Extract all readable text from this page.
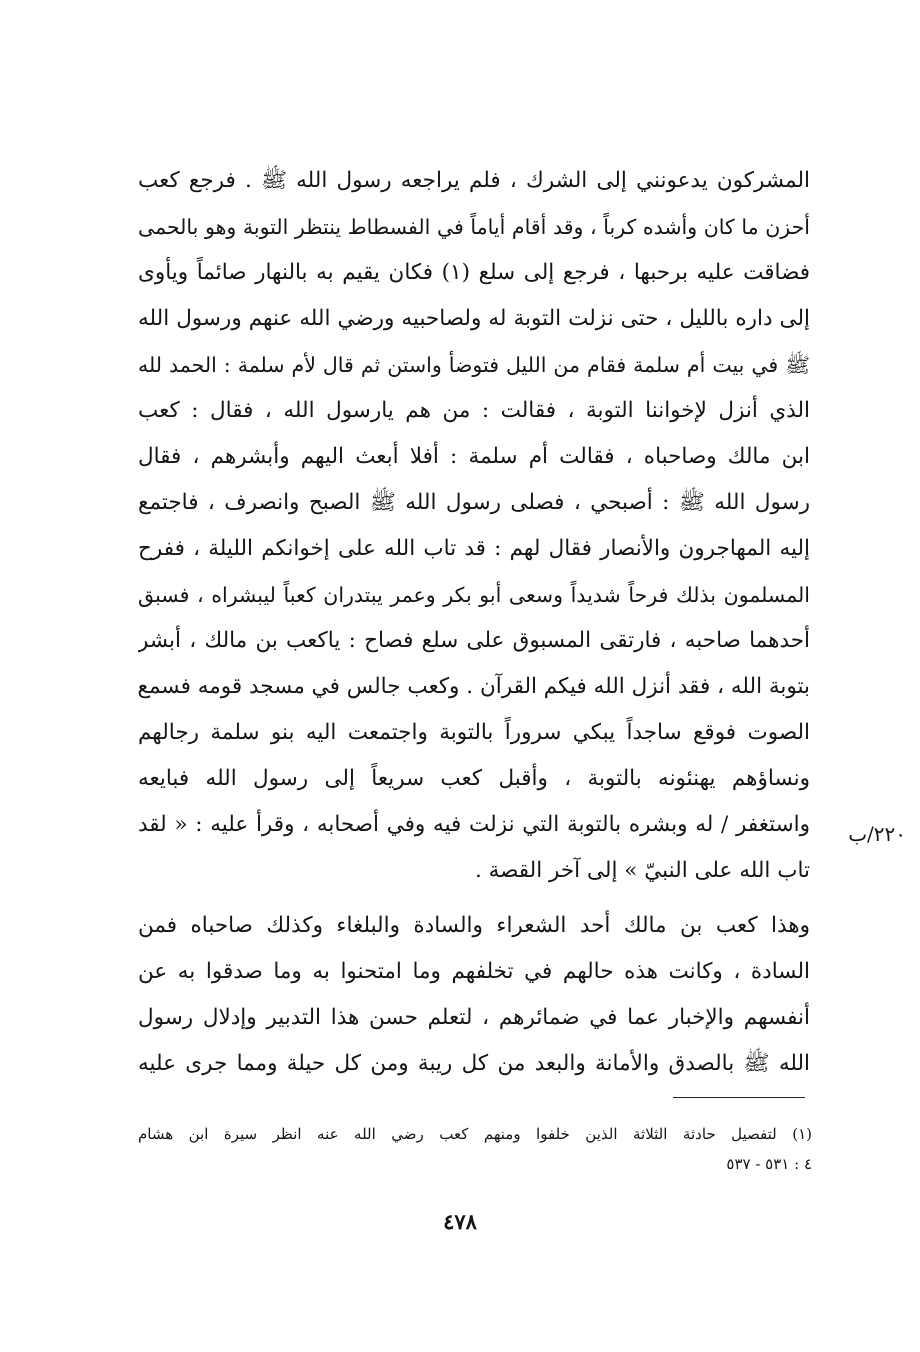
المشركون يدعونني إلى الشرك ، فلم يراجعه رسول الله ﷺ . فرجع كعب
أحزن ما كان وأشده كرباً ، وقد أقام أياماً في الفسطاط ينتظر التوبة وهو بالحمى
فضاقت عليه برحبها ، فرجع إلى سلع (١) فكان يقيم به بالنهار صائماً ويأوى
إلى داره بالليل ، حتى نزلت التوبة له ولصاحبيه ورضي الله عنهم ورسول الله
ﷺ في بيت أم سلمة فقام من الليل فتوضأ واستن ثم قال لأم سلمة : الحمد لله
الذي أنزل لإخواننا التوبة ، فقالت : من هم يارسول الله ، فقال : كعب
ابن مالك وصاحباه ، فقالت أم سلمة : أفلا أبعث اليهم وأبشرهم ، فقال
رسول الله ﷺ : أصبحي ، فصلى رسول الله ﷺ الصبح وانصرف ، فاجتمع
إليه المهاجرون والأنصار فقال لهم : قد تاب الله على إخوانكم الليلة ، ففرح
المسلمون بذلك فرحاً شديداً وسعى أبو بكر وعمر يبتدران كعباً ليبشراه ، فسبق
أحدهما صاحبه ، فارتقى المسبوق على سلع فصاح : ياكعب بن مالك ، أبشر
بتوبة الله ، فقد أنزل الله فيكم القرآن . وكعب جالس في مسجد قومه فسمع
الصوت فوقع ساجداً يبكي سروراً بالتوبة واجتمعت اليه بنو سلمة رجالهم
ونساؤهم يهنئونه بالتوبة ، وأقبل كعب سريعاً إلى رسول الله فبايعه
واستغفر / له وبشره بالتوبة التي نزلت فيه وفي أصحابه ، وقرأ عليه : « لقد
تاب الله على النبيّ » إلى آخر القصة .
٢٢٠/ب
وهذا كعب بن مالك أحد الشعراء والسادة والبلغاء وكذلك صاحباه فمن
السادة ، وكانت هذه حالهم في تخلفهم وما امتحنوا به وما صدقوا به عن
أنفسهم والإخبار عما في ضمائرهم ، لتعلم حسن هذا التدبير وإدلال رسول
الله ﷺ بالصدق والأمانة والبعد من كل ريبة ومن كل حيلة ومما جرى عليه
(١) لتفصيل حادثة الثلاثة الذين خلفوا ومنهم كعب رضي الله عنه انظر سيرة ابن هشام
٤ : ٥٣١ - ٥٣٧
٤٧٨
